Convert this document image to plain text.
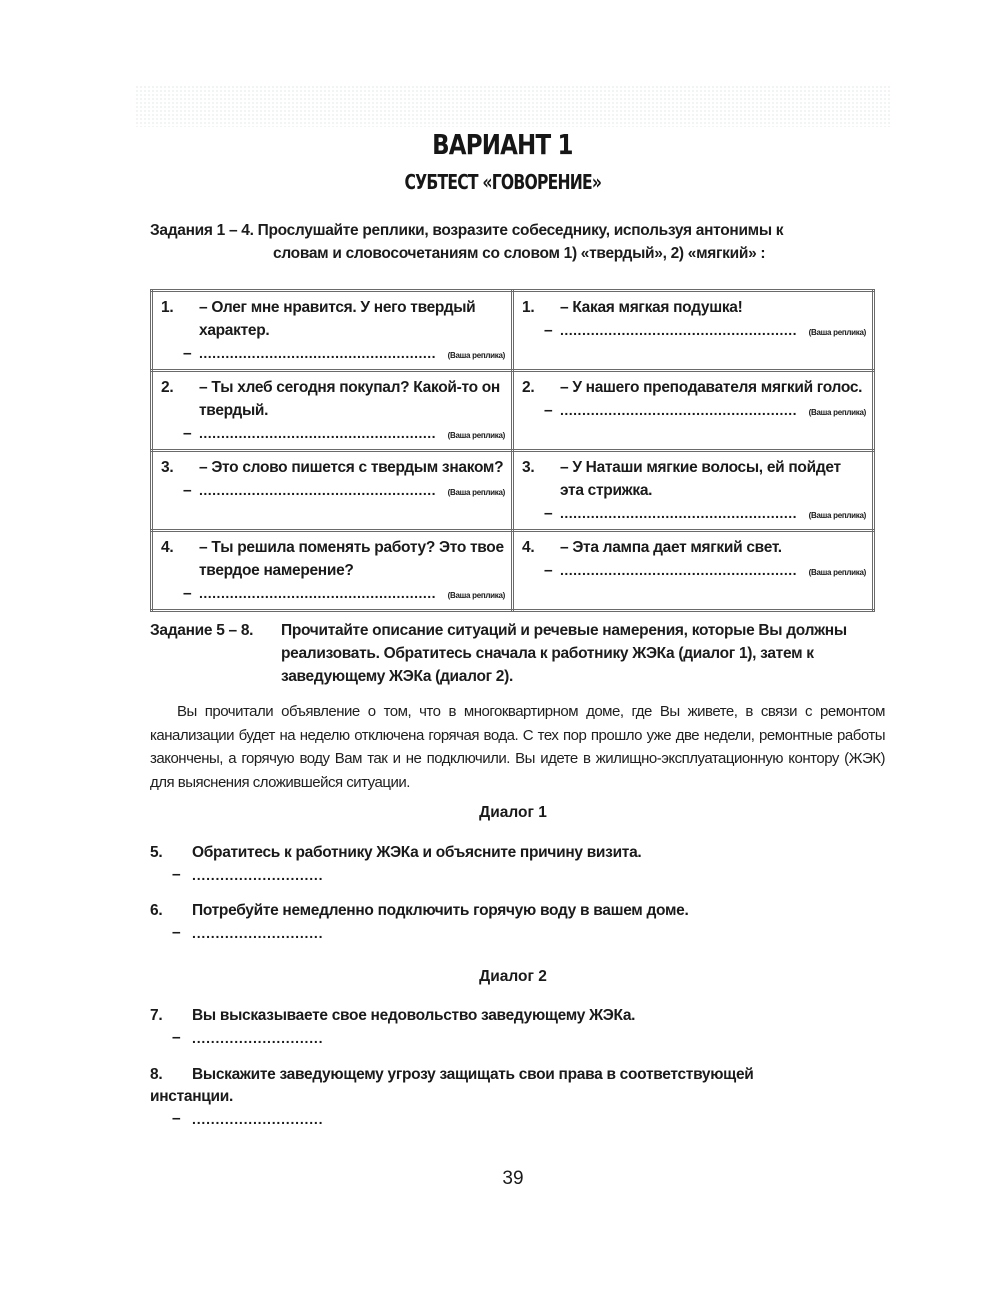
ВАРИАНТ 1
СУБТЕСТ «ГОВОРЕНИЕ»
Задания 1 – 4. Прослушайте реплики, возразите собеседнику, используя антонимы к
словам и словосочетаниям со словом 1) «твердый», 2) «мягкий» :
1.	– Олег мне нравится. У него твердый характер.
– ......................................................	(Ваша реплика)

1.	– Какая мягкая подушка!
– ......................................................	(Ваша реплика)

2.	– Ты хлеб сегодня покупал? Какой-то он твердый.
– ......................................................	(Ваша реплика)

2.	– У нашего преподавателя мягкий голос.
– ......................................................	(Ваша реплика)

3.	– Это слово пишется с твердым знаком?
– ......................................................	(Ваша реплика)

3.	– У Наташи мягкие волосы, ей пойдет эта стрижка.
– ......................................................	(Ваша реплика)

4.	– Ты решила поменять работу? Это твое твердое намерение?
– ......................................................	(Ваша реплика)

4.	– Эта лампа дает мягкий свет.
– ......................................................	(Ваша реплика)
Задание 5 – 8.	Прочитайте описание ситуаций и речевые намерения, которые Вы должны реализовать. Обратитесь сначала к работнику ЖЭКа (диалог 1), затем к заведующему ЖЭКа (диалог 2).
Вы прочитали объявление о том, что в многоквартирном доме, где Вы живете, в связи с ремонтом канализации будет на неделю отключена горячая вода. С тех пор прошло уже две недели, ремонтные работы закончены, а горячую воду Вам так и не подключили. Вы идете в жилищно-эксплуатационную контору (ЖЭК) для выяснения сложившейся ситуации.
Диалог 1
5.	Обратитесь к работнику ЖЭКа и объясните причину визита.
– ............................
6.	Потребуйте немедленно подключить горячую воду в вашем доме.
– ............................
Диалог 2
7.	Вы высказываете свое недовольство заведующему ЖЭКа.
– ............................
8.	Выскажите заведующему угрозу защищать свои права в соответствующей
инстанции.
– ............................
39
